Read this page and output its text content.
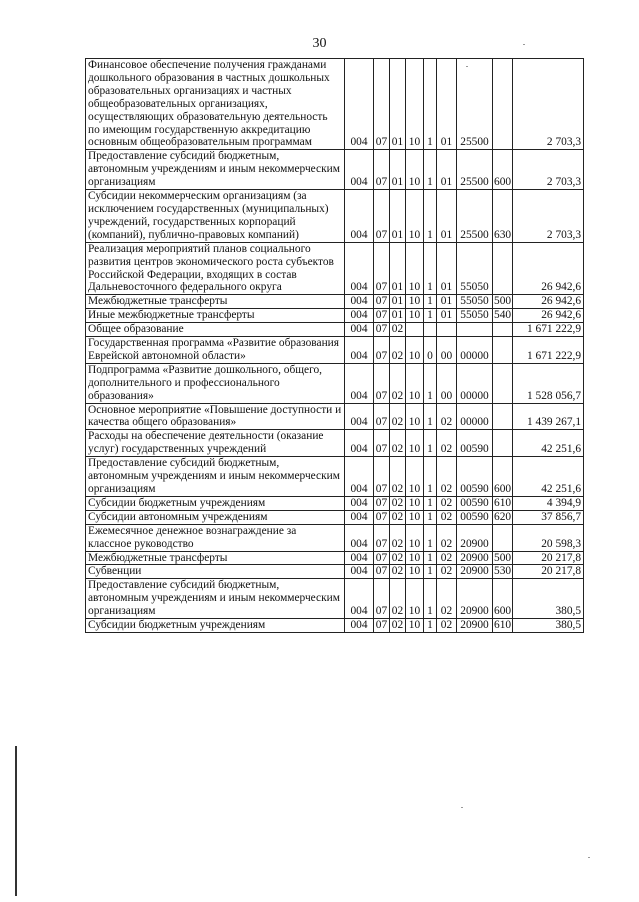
30
Финансовое обеспечение получения гражданами дошкольного образования в частных дошкольных образовательных организациях и частных общеобразовательных организациях, осуществляющих образовательную деятельность по имеющим государственную аккредитацию основным общеобразовательным программам	004	07	01	10	1	01	25500		2 703,3
Предоставление субсидий бюджетным, автономным учреждениям и иным некоммерческим организациям	004	07	01	10	1	01	25500	600	2 703,3
Субсидии некоммерческим организациям (за исключением государственных (муниципальных) учреждений, государственных корпораций (компаний), публично-правовых компаний)	004	07	01	10	1	01	25500	630	2 703,3
Реализация мероприятий планов социального развития центров экономического роста субъектов Российской Федерации, входящих в состав Дальневосточного федерального округа	004	07	01	10	1	01	55050		26 942,6
Межбюджетные трансферты	004	07	01	10	1	01	55050	500	26 942,6
Иные межбюджетные трансферты	004	07	01	10	1	01	55050	540	26 942,6
Общее образование	004	07	02						1 671 222,9
Государственная программа «Развитие образования Еврейской автономной области»	004	07	02	10	0	00	00000		1 671 222,9
Подпрограмма «Развитие дошкольного, общего, дополнительного и профессионального образования»	004	07	02	10	1	00	00000		1 528 056,7
Основное мероприятие «Повышение доступности и качества общего образования»	004	07	02	10	1	02	00000		1 439 267,1
Расходы на обеспечение деятельности (оказание услуг) государственных учреждений	004	07	02	10	1	02	00590		42 251,6
Предоставление субсидий бюджетным, автономным учреждениям и иным некоммерческим организациям	004	07	02	10	1	02	00590	600	42 251,6
Субсидии бюджетным учреждениям	004	07	02	10	1	02	00590	610	4 394,9
Субсидии автономным учреждениям	004	07	02	10	1	02	00590	620	37 856,7
Ежемесячное денежное вознаграждение за классное руководство	004	07	02	10	1	02	20900		20 598,3
Межбюджетные трансферты	004	07	02	10	1	02	20900	500	20 217,8
Субвенции	004	07	02	10	1	02	20900	530	20 217,8
Предоставление субсидий бюджетным, автономным учреждениям и иным некоммерческим организациям	004	07	02	10	1	02	20900	600	380,5
Субсидии бюджетным учреждениям	004	07	02	10	1	02	20900	610	380,5
